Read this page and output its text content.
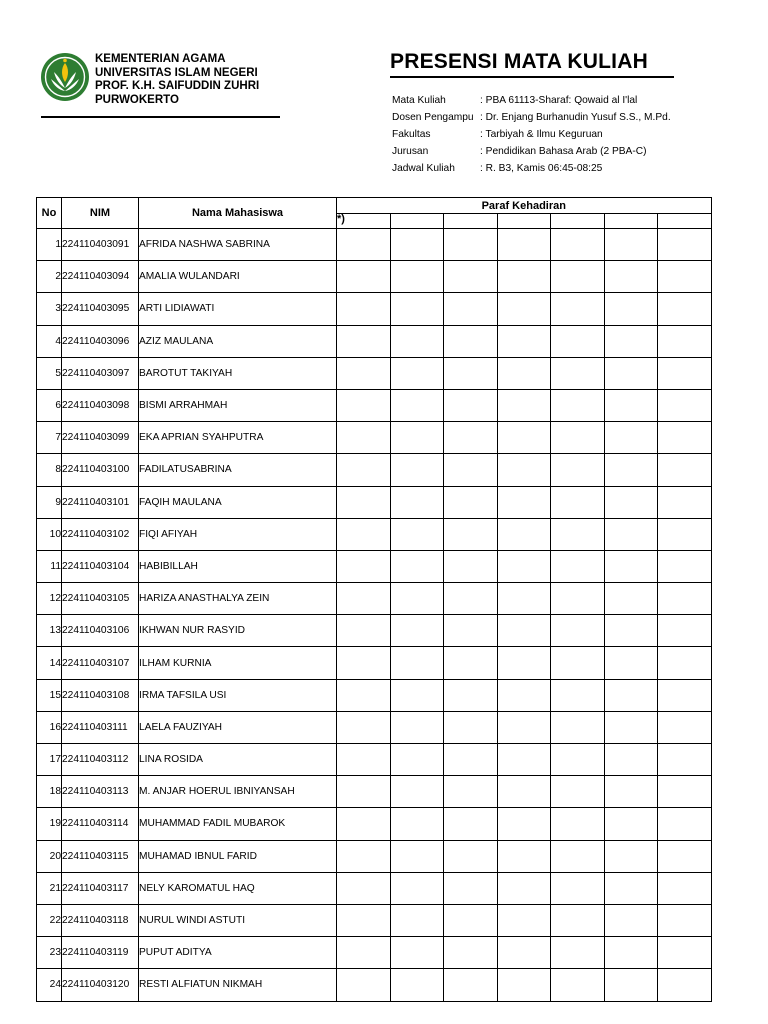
KEMENTERIAN AGAMA
UNIVERSITAS ISLAM NEGERI
PROF. K.H. SAIFUDDIN ZUHRI
PURWOKERTO
PRESENSI MATA KULIAH
Mata Kuliah	: PBA 61113-Sharaf: Qowaid al I'lal
Dosen Pengampu : Dr. Enjang Burhanudin Yusuf S.S., M.Pd.
Fakultas	: Tarbiyah & Ilmu Keguruan
Jurusan	: Pendidikan Bahasa Arab (2 PBA-C)
Jadwal Kuliah	: R. B3, Kamis 06:45-08:25
No	NIM	Nama Mahasiswa	Paraf Kehadiran						
			*)						
1	224110403091	AFRIDA NASHWA SABRINA							
2	224110403094	AMALIA WULANDARI							
3	224110403095	ARTI LIDIAWATI							
4	224110403096	AZIZ MAULANA							
5	224110403097	BAROTUT TAKIYAH							
6	224110403098	BISMI ARRAHMAH							
7	224110403099	EKA APRIAN SYAHPUTRA							
8	224110403100	FADILATUSABRINA							
9	224110403101	FAQIH MAULANA							
10	224110403102	FIQI AFIYAH							
11	224110403104	HABIBILLAH							
12	224110403105	HARIZA ANASTHALYA ZEIN							
13	224110403106	IKHWAN NUR RASYID							
14	224110403107	ILHAM KURNIA							
15	224110403108	IRMA TAFSILA USI							
16	224110403111	LAELA FAUZIYAH							
17	224110403112	LINA ROSIDA							
18	224110403113	M. ANJAR HOERUL IBNIYANSAH							
19	224110403114	MUHAMMAD FADIL MUBAROK							
20	224110403115	MUHAMAD IBNUL FARID							
21	224110403117	NELY KAROMATUL HAQ							
22	224110403118	NURUL WINDI ASTUTI							
23	224110403119	PUPUT ADITYA							
24	224110403120	RESTI ALFIATUN NIKMAH							
